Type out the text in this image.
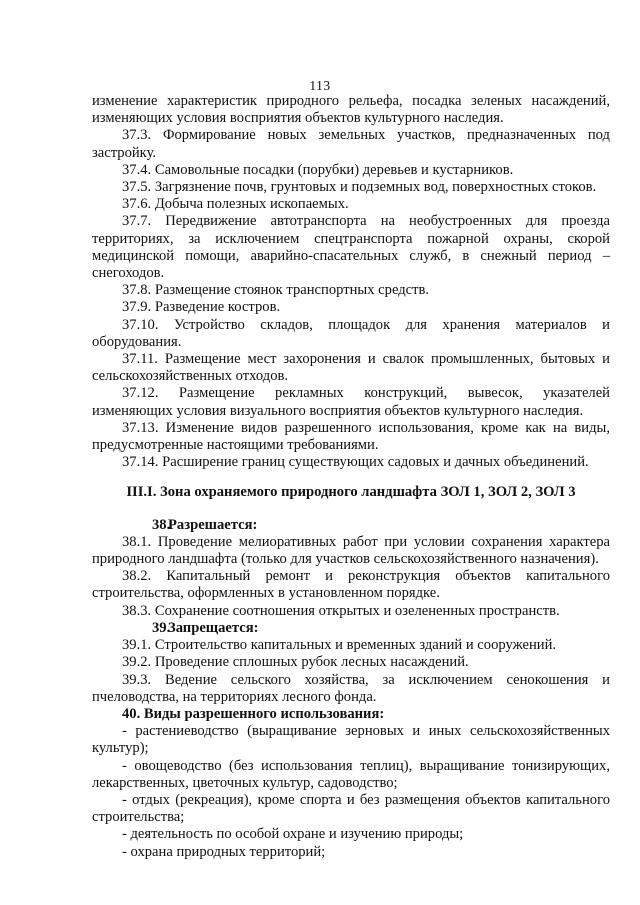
113

изменение характеристик природного рельефа, посадка зеленых насаждений, изменяющих условия восприятия объектов культурного наследия.

37.3. Формирование новых земельных участков, предназначенных под застройку.

37.4. Самовольные посадки (порубки) деревьев и кустарников.

37.5. Загрязнение почв, грунтовых и подземных вод, поверхностных стоков.

37.6. Добыча полезных ископаемых.

37.7. Передвижение автотранспорта на необустроенных для проезда территориях, за исключением спецтранспорта пожарной охраны, скорой медицинской помощи, аварийно-спасательных служб, в снежный период – снегоходов.

37.8. Размещение стоянок транспортных средств.

37.9. Разведение костров.

37.10. Устройство складов, площадок для хранения материалов и оборудования.

37.11. Размещение мест захоронения и свалок промышленных, бытовых и сельскохозяйственных отходов.

37.12. Размещение рекламных конструкций, вывесок, указателей изменяющих условия визуального восприятия объектов культурного наследия.

37.13. Изменение видов разрешенного использования, кроме как на виды, предусмотренные настоящими требованиями.

37.14. Расширение границ существующих садовых и дачных объединений.

III.I. Зона охраняемого природного ландшафта ЗОЛ 1, ЗОЛ 2, ЗОЛ 3

38.Разрешается:

38.1. Проведение мелиоративных работ при условии сохранения характера природного ландшафта (только для участков сельскохозяйственного назначения).

38.2. Капитальный ремонт и реконструкция объектов капитального строительства, оформленных в установленном порядке.

38.3. Сохранение соотношения открытых и озелененных пространств.

39.Запрещается:

39.1. Строительство капитальных и временных зданий и сооружений.

39.2. Проведение сплошных рубок лесных насаждений.

39.3. Ведение сельского хозяйства, за исключением сенокошения и пчеловодства, на территориях лесного фонда.

40. Виды разрешенного использования:

- растениеводство (выращивание зерновых и иных сельскохозяйственных культур);

- овощеводство (без использования теплиц), выращивание тонизирующих, лекарственных, цветочных культур, садоводство;

- отдых (рекреация), кроме спорта и без размещения объектов капитального строительства;

- деятельность по особой охране и изучению природы;

- охрана природных территорий;
